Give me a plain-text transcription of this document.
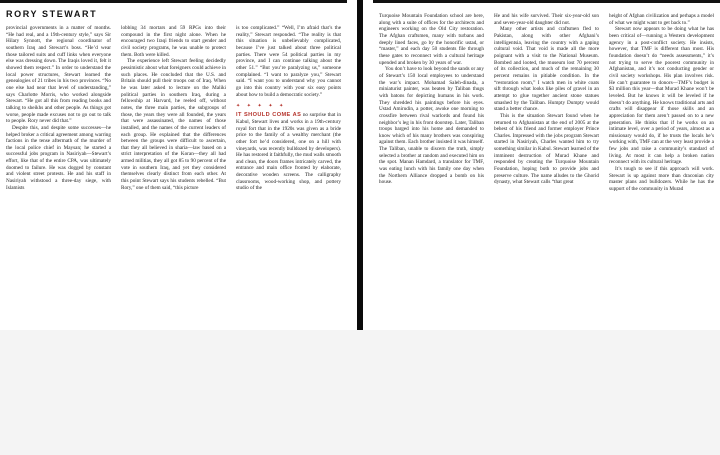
RORY STEWART

provincial governments in a matter of months. “He had real, and a 19th-century style,” says Sir Hilary Synnott, the regional coordinator of southern Iraq and Stewart’s boss. “He’d wear those tailored suits and cuff links when everyone else was dressing down. The Iraqis loved it, felt it showed them respect.” In order to understand the local power structures, Stewart learned the genealogies of 21 tribes in his two provinces. “No one else had near that level of understanding,” says Charlotte Morris, who worked alongside Stewart. “He got all this from reading books and talking to sheikhs and other people. As things got worse, people made excuses not to go out to talk to people. Rory never did that.”

Despite this, and despite some successes—he helped broker a critical agreement among warring factions in the tense aftermath of the murder of the local police chief in Maysan; he started a successful jobs program in Nasiriyah—Stewart’s effort, like that of the entire CPA, was ultimately doomed to failure. He was dogged by constant and violent street protests. He and his staff in Nasiriyah withstood a three-day siege, with Islamists

lobbing 34 mortars and 59 RPGs into their compound in the first night alone. When he encouraged two Iraqi friends to start gender and civil society programs, he was unable to protect them. Both were killed.

The experience left Stewart feeling decidedly pessimistic about what foreigners could achieve in such places. He concluded that the U.S. and Britain should pull their troops out of Iraq. When he was later asked to lecture on the Maliki political parties in southern Iraq, during a fellowship at Harvard, he reeled off, without notes, the three main parties, the subgroups of those, the years they were all founded, the years that were assassinated, the names of those installed, and the names of the current leaders of each group. He explained that the differences between the groups were difficult to ascertain, that they all believed in sharia—law based on a strict interpretation of the Koran—they all had armed militias, they all got 85 to 90 percent of the vote in southern Iraq, and yet they considered themselves clearly distinct from each other. At this point Stewart says his students rebelled. “But Rory,” one of them said, “this picture

is too complicated.” “Well, I’m afraid that’s the reality,” Stewart responded. “The reality is that this situation is unbelievably complicated, because I’ve just talked about three political parties. There were 54 political parties in my province, and I can continue talking about the other 51.” “But you’re paralyzing us,” someone complained. “I want to paralyze you,” Stewart said. “I want you to understand why you cannot go into this country with your six easy points about how to build a democratic society.”

✦ ✦ ✦ ✦ ✦

IT SHOULD COME AS no surprise that in Kabul, Stewart lives and works in a 19th-century royal fort that in the 1920s was given as a bride price to the family of a wealthy merchant (the other fort he’d considered, one on a hill with vineyards, was recently bulldozed by developers). He has restored it faithfully, the mud walls smooth and clean, the doors frames intricately carved, the entrance and main office fronted by elaborate, decorative wooden screens. The calligraphy classrooms, wood-working shop, and pottery studio of the

Turquoise Mountain Foundation school are here, along with a suite of offices for the architects and engineers working on the Old City restoration. The Afghan craftsmen, many with turbans and deeply lined faces, go by the honorific ustad, or “master,” and each day 50 students file through these gates to reconnect with a cultural heritage upended and broken by 30 years of war.

You don’t have to look beyond the sands or any of Stewart’s 150 local employees to understand the war’s impact. Mohamad Saleh-dinada, a miniaturist painter, was beaten by Taliban thugs with batons for depicting humans in his work. They shredded his paintings before his eyes. Ustad Amirudin, a potter, awoke one morning to crossfire between rival warlords and found his neighbor’s leg in his front doorstep. Later, Taliban troops barged into his home and demanded to know which of his many brothers was conspiring against them. Each brother insisted it was himself. The Taliban, unable to discern the truth, simply selected a brother at random and executed him on the spot. Manan Hamdard, a translator for TMF, was eating lunch with his family one day when the Northern Alliance dropped a bomb on his house.

He and his wife survived. Their six-year-old son and seven-year-old daughter did not.

Many other artists and craftsmen fled to Pakistan, along with other Afghani’s intelligentsia, leaving the country with a gaping cultural void. That void is made all the more poignant with a visit to the National Museum. Bombed and looted, the museum lost 70 percent of its collection, and much of the remaining 30 percent remains in pitiable condition. In the “restoration room,” I watch men in white coats sift through what looks like piles of gravel in an attempt to glue together ancient stone statues smashed by the Taliban. Humpty Dumpty would stand a better chance.

This is the situation Stewart found when he returned to Afghanistan at the end of 2005 at the behest of his friend and former employer Prince Charles. Impressed with the jobs program Stewart started in Nasiriyah, Charles wanted him to try something similar in Kabul. Stewart learned of the imminent destruction of Murad Khane and responded by creating the Turquoise Mountain Foundation, hoping both to provide jobs and preserve culture. The name alludes to the Ghorid dynasty, what Stewart calls “that great

height of Afghan civilization and perhaps a model of what we might want to get back to.”

Stewart now appears to be doing what he has been critical of—running a Western development agency in a post-conflict society. He insists, however, that TMF is different than most. His foundation doesn’t do “needs assessments,” it’s not trying to serve the poorest community in Afghanistan, and it’s not conducting gender or civil society workshops. His plan involves risk. He can’t guarantee to donors—TMF’s budget is $3 million this year—that Murad Khane won’t be leveled. But he knows it will be leveled if he doesn’t do anything. He knows traditional arts and crafts will disappear if those skills and an appreciation for them aren’t passed on to a new generation. He thinks that if he works on an intimate level, over a period of years, almost as a missionary would do, if he trusts the locals he’s working with, TMF can at the very least provide a few jobs and raise a community’s standard of living. At most it can help a broken nation reconnect with its cultural heritage.

It’s tough to see if this approach will work. Stewart is up against more than draconian city master plans and bulldozers. While he has the support of the community in Murad
